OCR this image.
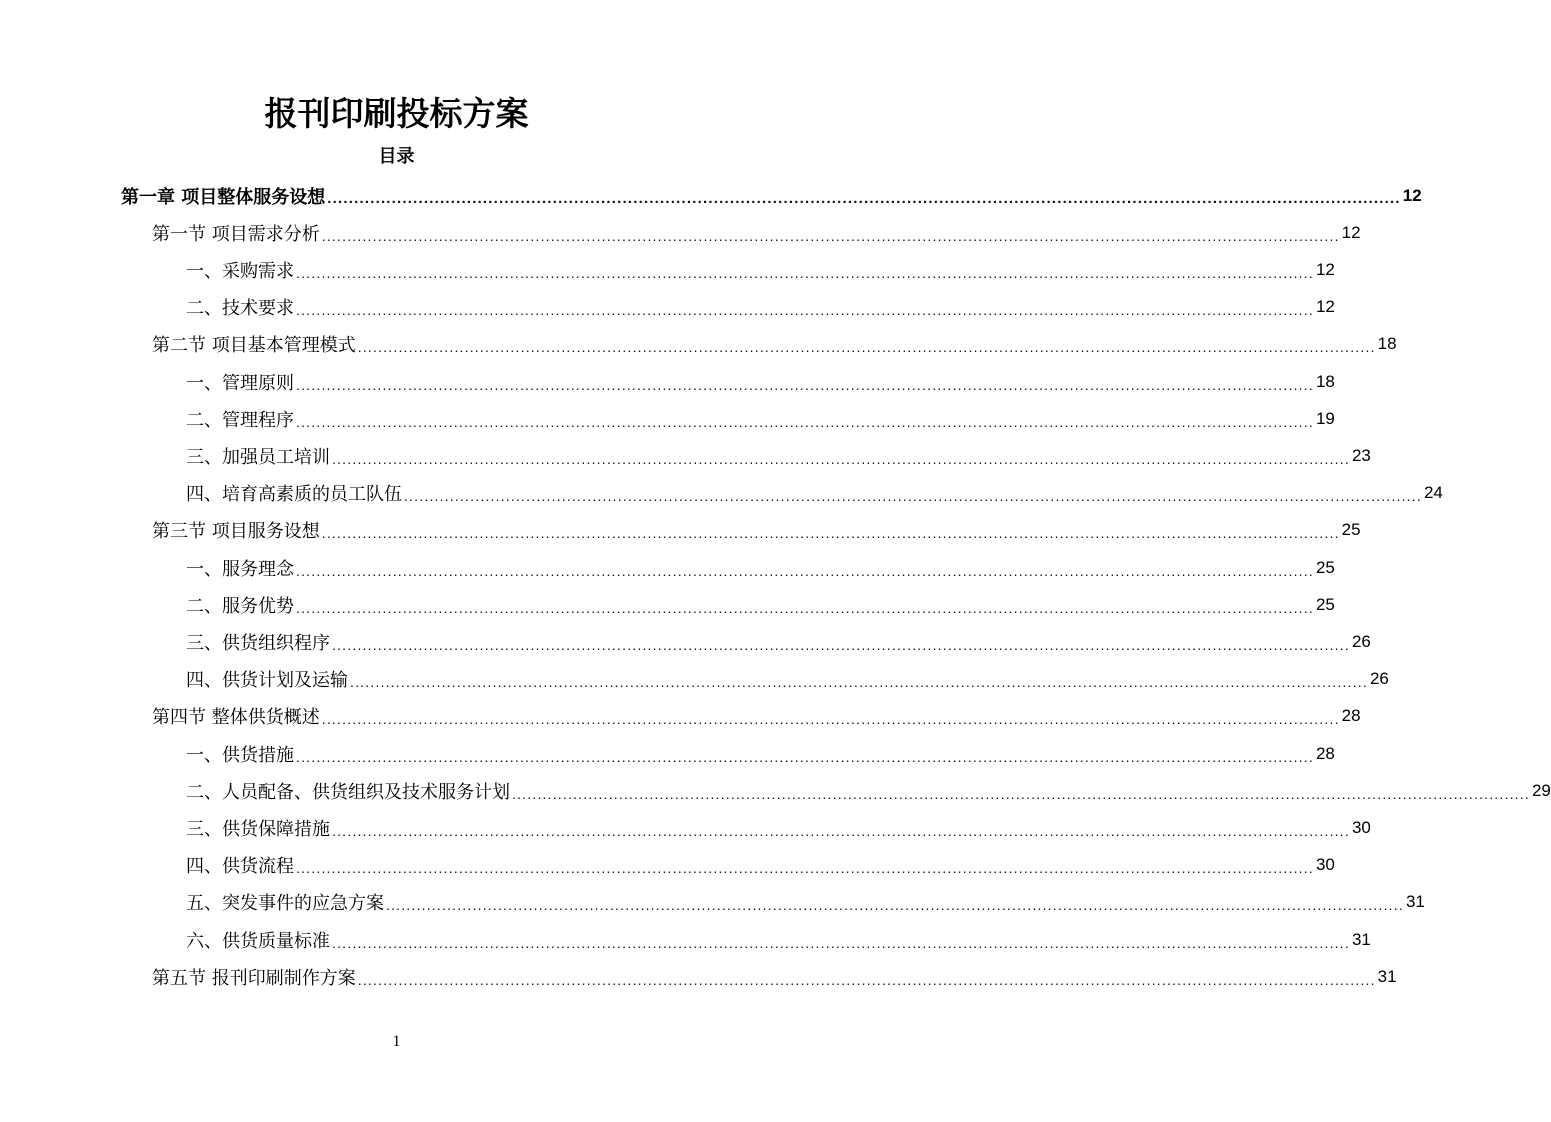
报刊印刷投标方案
目录
第一章 项目整体服务设想 ........................................................................................................................................................................................................ 12
第一节 项目需求分析 ........................................................................................................................................................................................................ 12
一、采购需求 ........................................................................................................................................................................................................ 12
二、技术要求 ........................................................................................................................................................................................................ 12
第二节 项目基本管理模式 ........................................................................................................................................................................................................ 18
一、管理原则 ........................................................................................................................................................................................................ 18
二、管理程序 ........................................................................................................................................................................................................ 19
三、加强员工培训 ........................................................................................................................................................................................................ 23
四、培育高素质的员工队伍 ........................................................................................................................................................................................................ 24
第三节 项目服务设想 ........................................................................................................................................................................................................ 25
一、服务理念 ........................................................................................................................................................................................................ 25
二、服务优势 ........................................................................................................................................................................................................ 25
三、供货组织程序 ........................................................................................................................................................................................................ 26
四、供货计划及运输 ........................................................................................................................................................................................................ 26
第四节 整体供货概述 ........................................................................................................................................................................................................ 28
一、供货措施 ........................................................................................................................................................................................................ 28
二、人员配备、供货组织及技术服务计划 ........................................................................................................................................................................................................ 29
三、供货保障措施 ........................................................................................................................................................................................................ 30
四、供货流程 ........................................................................................................................................................................................................ 30
五、突发事件的应急方案 ........................................................................................................................................................................................................ 31
六、供货质量标准 ........................................................................................................................................................................................................ 31
第五节 报刊印刷制作方案 ........................................................................................................................................................................................................ 31
1
